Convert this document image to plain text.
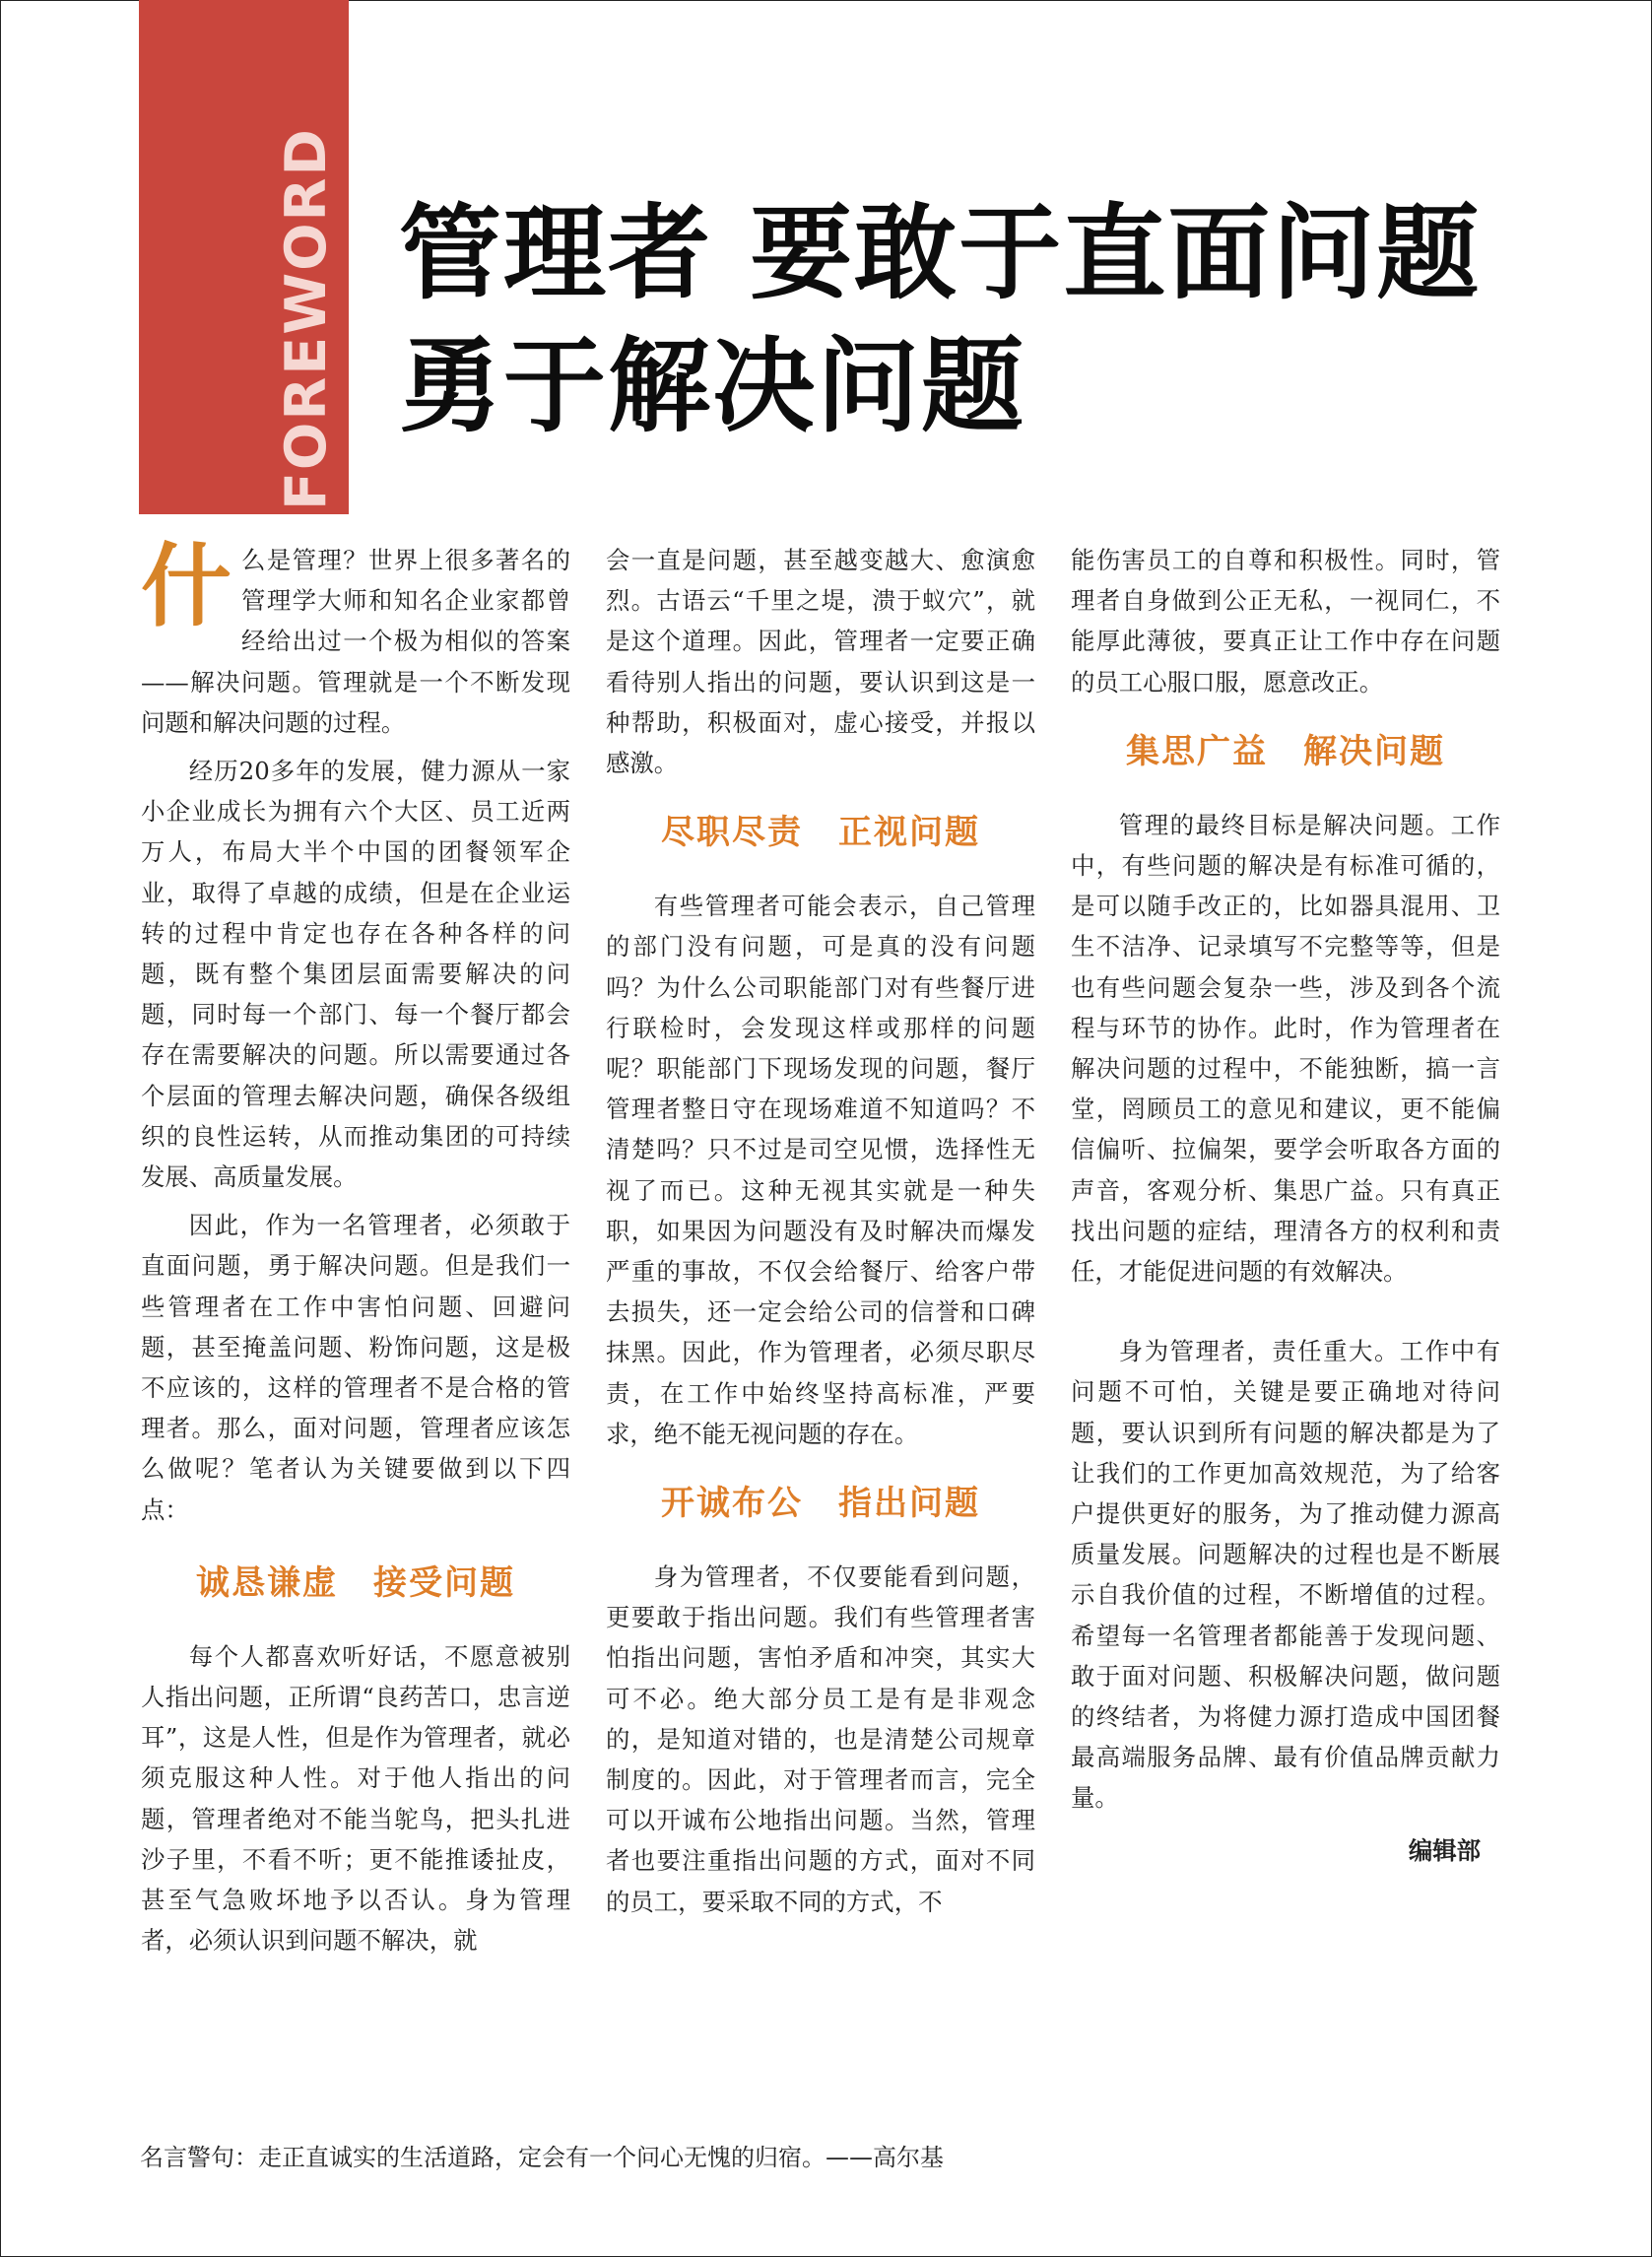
FOREWORD 管理者 要敢于直面问题
勇于解决问题

什么是管理？世界上很多著名的管理学大师和知名企业家都曾经给出过一个极为相似的答案——解决问题。管理就是一个不断发现问题和解决问题的过程。

经历20多年的发展，健力源从一家小企业成长为拥有六个大区、员工近两万人，布局大半个中国的团餐领军企业，取得了卓越的成绩，但是在企业运转的过程中肯定也存在各种各样的问题，既有整个集团层面需要解决的问题，同时每一个部门、每一个餐厅都会存在需要解决的问题。所以需要通过各个层面的管理去解决问题，确保各级组织的良性运转，从而推动集团的可持续发展、高质量发展。

因此，作为一名管理者，必须敢于直面问题，勇于解决问题。但是我们一些管理者在工作中害怕问题、回避问题，甚至掩盖问题、粉饰问题，这是极不应该的，这样的管理者不是合格的管理者。那么，面对问题，管理者应该怎么做呢？笔者认为关键要做到以下四点：

诚恳谦虚　接受问题

每个人都喜欢听好话，不愿意被别人指出问题，正所谓“良药苦口，忠言逆耳”，这是人性，但是作为管理者，就必须克服这种人性。对于他人指出的问题，管理者绝对不能当鸵鸟，把头扎进沙子里，不看不听；更不能推诿扯皮，甚至气急败坏地予以否认。身为管理者，必须认识到问题不解决，就

会一直是问题，甚至越变越大、愈演愈烈。古语云“千里之堤，溃于蚁穴”，就是这个道理。因此，管理者一定要正确看待别人指出的问题，要认识到这是一种帮助，积极面对，虚心接受，并报以感激。

尽职尽责　正视问题

有些管理者可能会表示，自己管理的部门没有问题，可是真的没有问题吗？为什么公司职能部门对有些餐厅进行联检时，会发现这样或那样的问题呢？职能部门下现场发现的问题，餐厅管理者整日守在现场难道不知道吗？不清楚吗？只不过是司空见惯，选择性无视了而已。这种无视其实就是一种失职，如果因为问题没有及时解决而爆发严重的事故，不仅会给餐厅、给客户带去损失，还一定会给公司的信誉和口碑抹黑。因此，作为管理者，必须尽职尽责，在工作中始终坚持高标准，严要求，绝不能无视问题的存在。

开诚布公　指出问题

身为管理者，不仅要能看到问题，更要敢于指出问题。我们有些管理者害怕指出问题，害怕矛盾和冲突，其实大可不必。绝大部分员工是有是非观念的，是知道对错的，也是清楚公司规章制度的。因此，对于管理者而言，完全可以开诚布公地指出问题。当然，管理者也要注重指出问题的方式，面对不同的员工，要采取不同的方式，不

能伤害员工的自尊和积极性。同时，管理者自身做到公正无私，一视同仁，不能厚此薄彼，要真正让工作中存在问题的员工心服口服，愿意改正。

集思广益　解决问题

管理的最终目标是解决问题。工作中，有些问题的解决是有标准可循的，是可以随手改正的，比如器具混用、卫生不洁净、记录填写不完整等等，但是也有些问题会复杂一些，涉及到各个流程与环节的协作。此时，作为管理者在解决问题的过程中，不能独断，搞一言堂，罔顾员工的意见和建议，更不能偏信偏听、拉偏架，要学会听取各方面的声音，客观分析、集思广益。只有真正找出问题的症结，理清各方的权利和责任，才能促进问题的有效解决。

身为管理者，责任重大。工作中有问题不可怕，关键是要正确地对待问题，要认识到所有问题的解决都是为了让我们的工作更加高效规范，为了给客户提供更好的服务，为了推动健力源高质量发展。问题解决的过程也是不断展示自我价值的过程，不断增值的过程。希望每一名管理者都能善于发现问题、敢于面对问题、积极解决问题，做问题的终结者，为将健力源打造成中国团餐最高端服务品牌、最有价值品牌贡献力量。

编辑部
名言警句：走正直诚实的生活道路，定会有一个问心无愧的归宿。——高尔基
